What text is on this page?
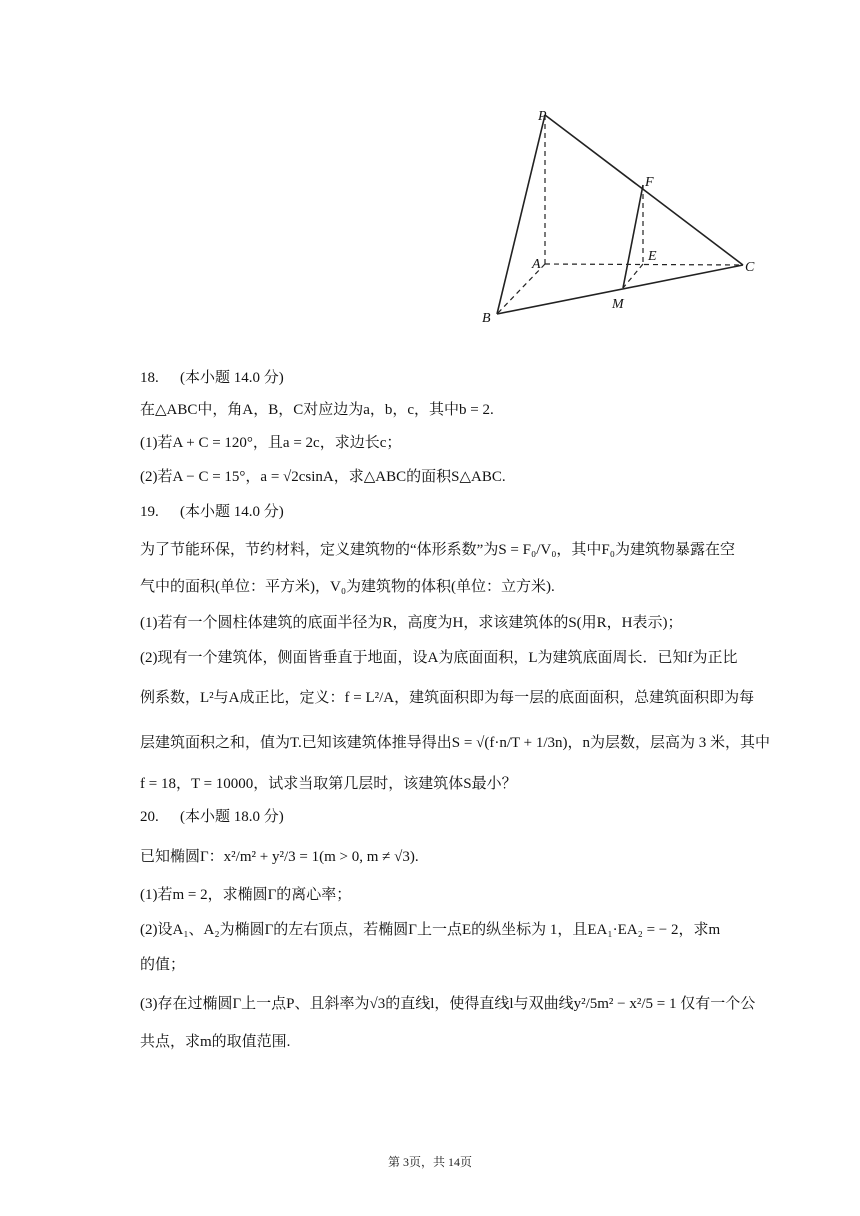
P
F
E
A	C
B
M
18. (本小题 14.0 分)
在△ABC中，角A，B，C对应边为a，b，c，其中b = 2.
(1)若A + C = 120°，且a = 2c，求边长c；
(2)若A − C = 15°，a = √2csinA，求△ABC的面积S△ABC.
19. (本小题 14.0 分)
为了节能环保，节约材料，定义建筑物的“体形系数”为S = F₀/V₀，其中F₀为建筑物暴露在空
气中的面积(单位：平方米)，V₀为建筑物的体积(单位：立方米).
(1)若有一个圆柱体建筑的底面半径为R，高度为H，求该建筑体的S(用R，H表示)；
(2)现有一个建筑体，侧面皆垂直于地面，设A为底面面积，L为建筑底面周长．已知f为正比
例系数，L²与A成正比，定义：f = L²/A，建筑面积即为每一层的底面面积，总建筑面积即为每
层建筑面积之和，值为T.已知该建筑体推导得出S = √(f·n/T + 1/3n)，n为层数，层高为 3 米，其中
f = 18，T = 10000，试求当取第几层时，该建筑体S最小？
20. (本小题 18.0 分)
已知椭圆Γ：x²/m² + y²/3 = 1(m > 0, m ≠ √3).
(1)若m = 2，求椭圆Γ的离心率；
(2)设A₁、A₂为椭圆Γ的左右顶点，若椭圆Γ上一点E的纵坐标为 1，且EA₁·EA₂ = − 2，求m
的值；
(3)存在过椭圆Γ上一点P、且斜率为√3的直线l，使得直线l与双曲线y²/5m² − x²/5 = 1 仅有一个公
共点，求m的取值范围.
第 3页，共 14页
